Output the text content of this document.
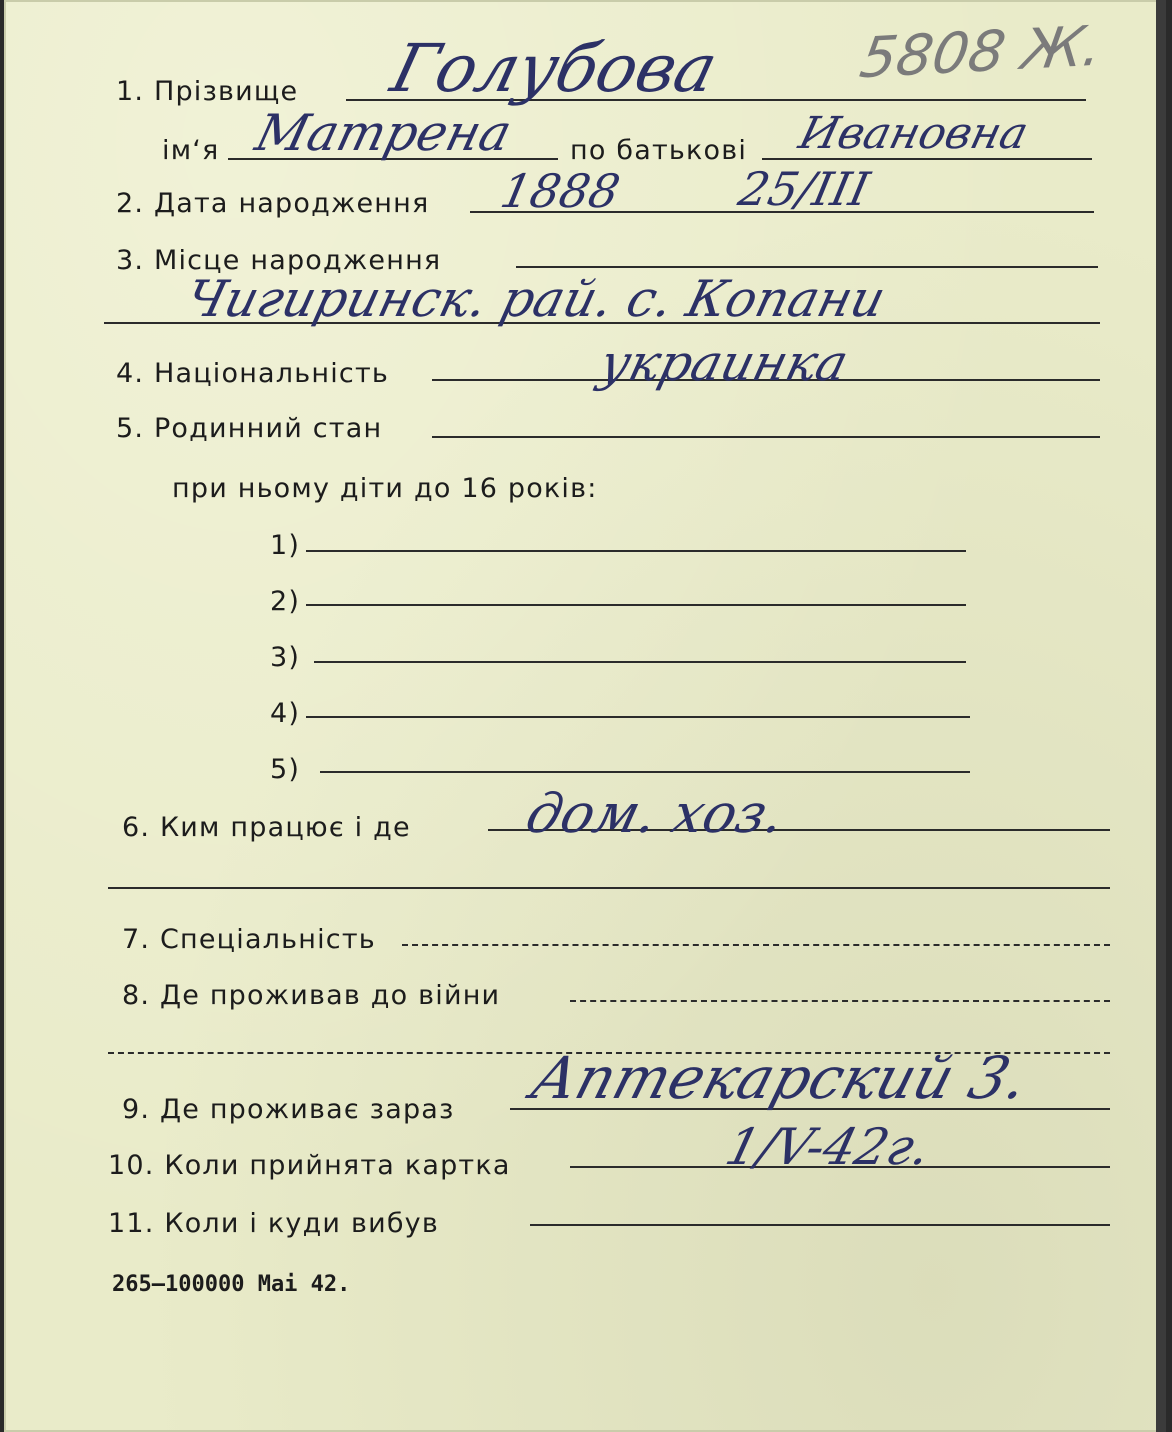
5808 Ж.
1. Прізвище Голубова
ім‘я Матрена по батькові Ивановна
2. Дата народження 1888 25/III
3. Місце народження
Чигиринск. рай. с. Копани
4. Національність	украинка
5. Родинний стан
при ньому діти до 16 років:
1)
2)
3)
4)
5)
6. Ким працює і де дом. хоз.
7. Спеціальність
8. Де проживав до війни
9. Де проживає зараз Аптекарский 3.
10. Коли прийнята картка	1/V-42г.
11. Коли і куди вибув
265—100000 Mai 42.
